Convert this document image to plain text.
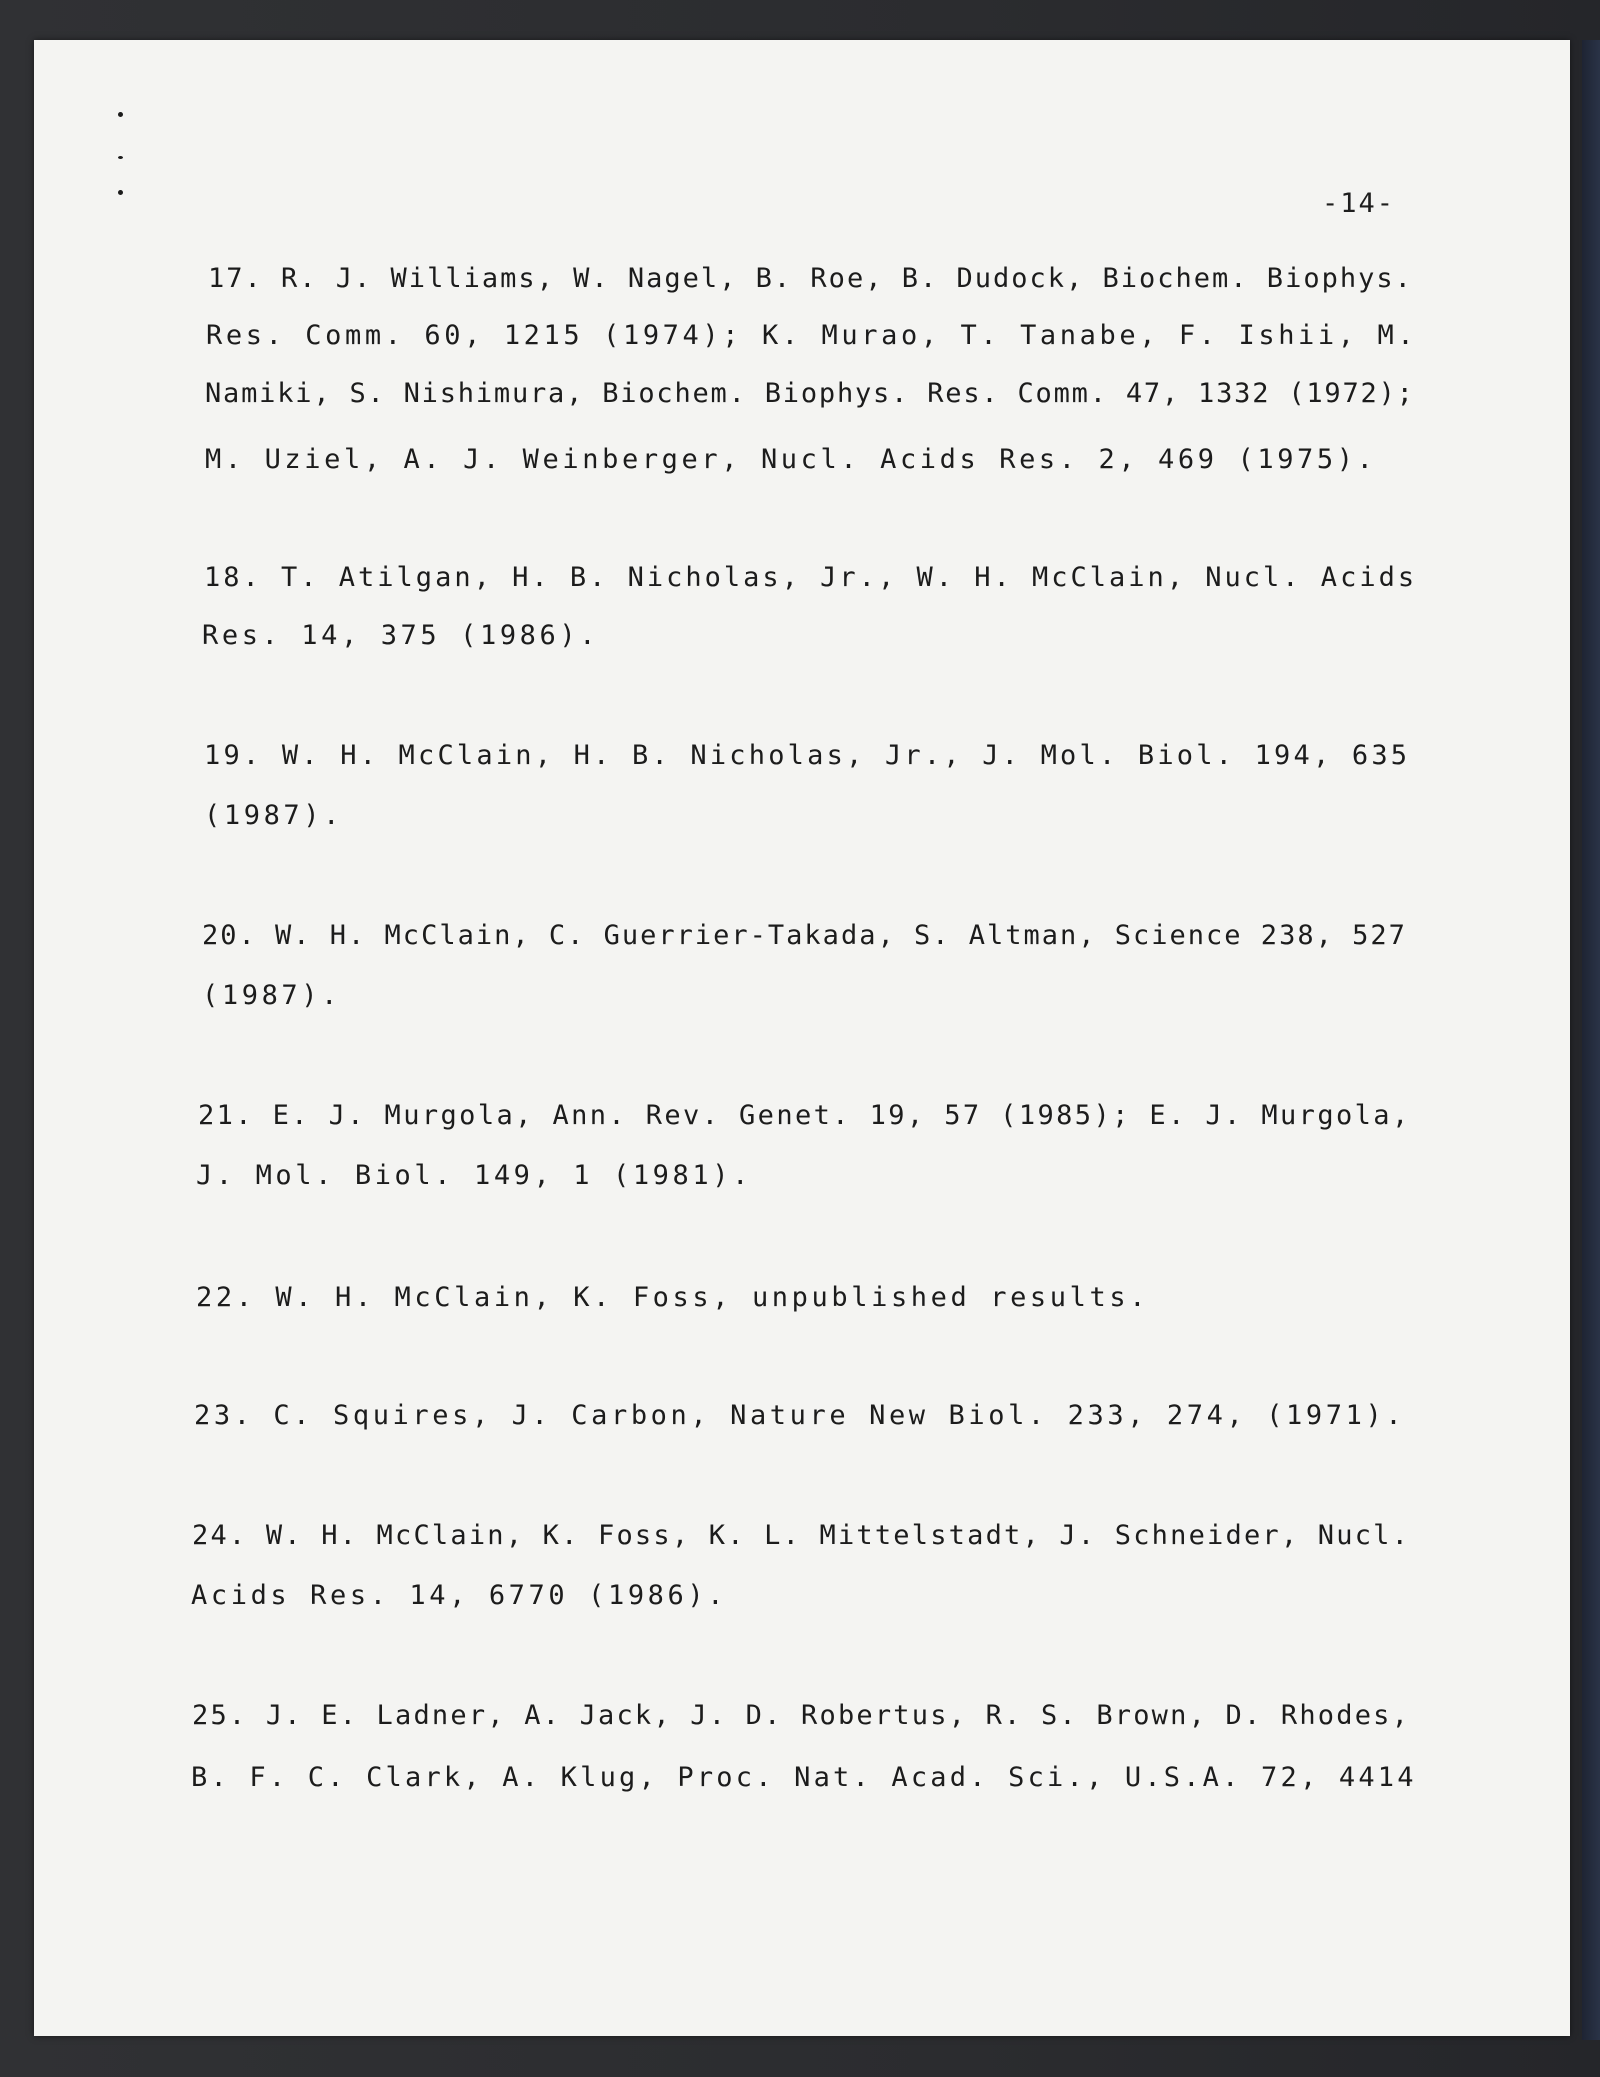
-14-
17. R. J. Williams, W. Nagel, B. Roe, B. Dudock, Biochem. Biophys.
Res. Comm. 60, 1215 (1974); K. Murao, T. Tanabe, F. Ishii, M.
Namiki, S. Nishimura, Biochem. Biophys. Res. Comm. 47, 1332 (1972);
M. Uziel, A. J. Weinberger, Nucl. Acids Res. 2, 469 (1975).
18. T. Atilgan, H. B. Nicholas, Jr., W. H. McClain, Nucl. Acids
Res. 14, 375 (1986).
19. W. H. McClain, H. B. Nicholas, Jr., J. Mol. Biol. 194, 635
(1987).
20. W. H. McClain, C. Guerrier-Takada, S. Altman, Science 238, 527
(1987).
21. E. J. Murgola, Ann. Rev. Genet. 19, 57 (1985); E. J. Murgola,
J. Mol. Biol. 149, 1 (1981).
22. W. H. McClain, K. Foss, unpublished results.
23. C. Squires, J. Carbon, Nature New Biol. 233, 274, (1971).
24. W. H. McClain, K. Foss, K. L. Mittelstadt, J. Schneider, Nucl.
Acids Res. 14, 6770 (1986).
25. J. E. Ladner, A. Jack, J. D. Robertus, R. S. Brown, D. Rhodes,
B. F. C. Clark, A. Klug, Proc. Nat. Acad. Sci., U.S.A. 72, 4414
